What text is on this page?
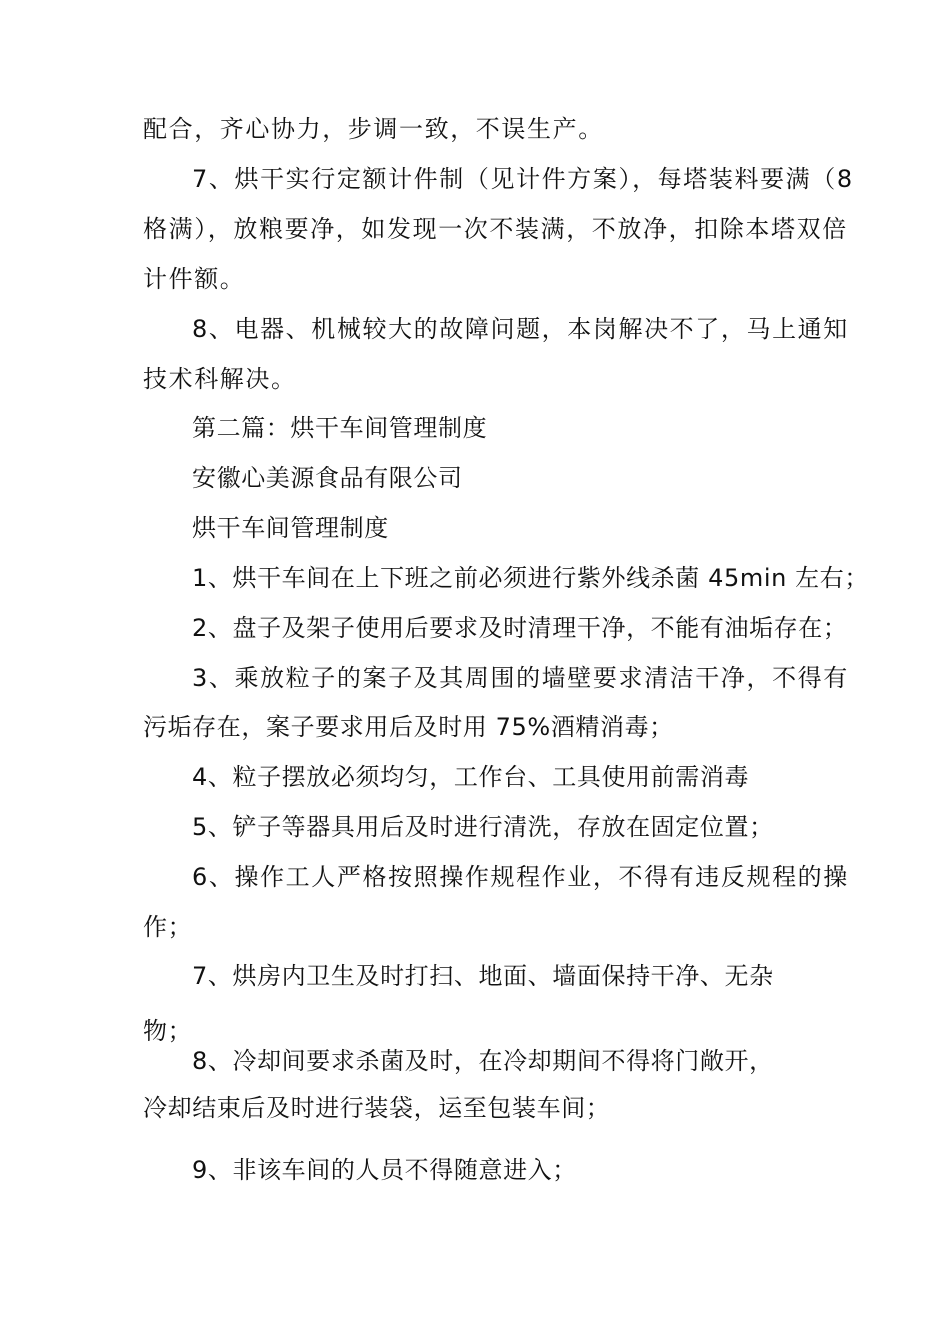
配合，齐心协力，步调一致，不误生产。

7、烘干实行定额计件制（见计件方案），每塔装料要满（8

格满），放粮要净，如发现一次不装满，不放净，扣除本塔双倍

计件额。

8、电器、机械较大的故障问题，本岗解决不了，马上通知

技术科解决。

第二篇：烘干车间管理制度

安徽心美源食品有限公司

烘干车间管理制度

1、烘干车间在上下班之前必须进行紫外线杀菌 45min 左右；

2、盘子及架子使用后要求及时清理干净，不能有油垢存在；

3、乘放粒子的案子及其周围的墙壁要求清洁干净，不得有

污垢存在，案子要求用后及时用 75%酒精消毒；

4、粒子摆放必须均匀，工作台、工具使用前需消毒

5、铲子等器具用后及时进行清洗，存放在固定位置；

6、操作工人严格按照操作规程作业，不得有违反规程的操

作；

7、烘房内卫生及时打扫、地面、墙面保持干净、无杂

物；

8、冷却间要求杀菌及时，在冷却期间不得将门敞开，

冷却结束后及时进行装袋，运至包装车间；

9、非该车间的人员不得随意进入；
